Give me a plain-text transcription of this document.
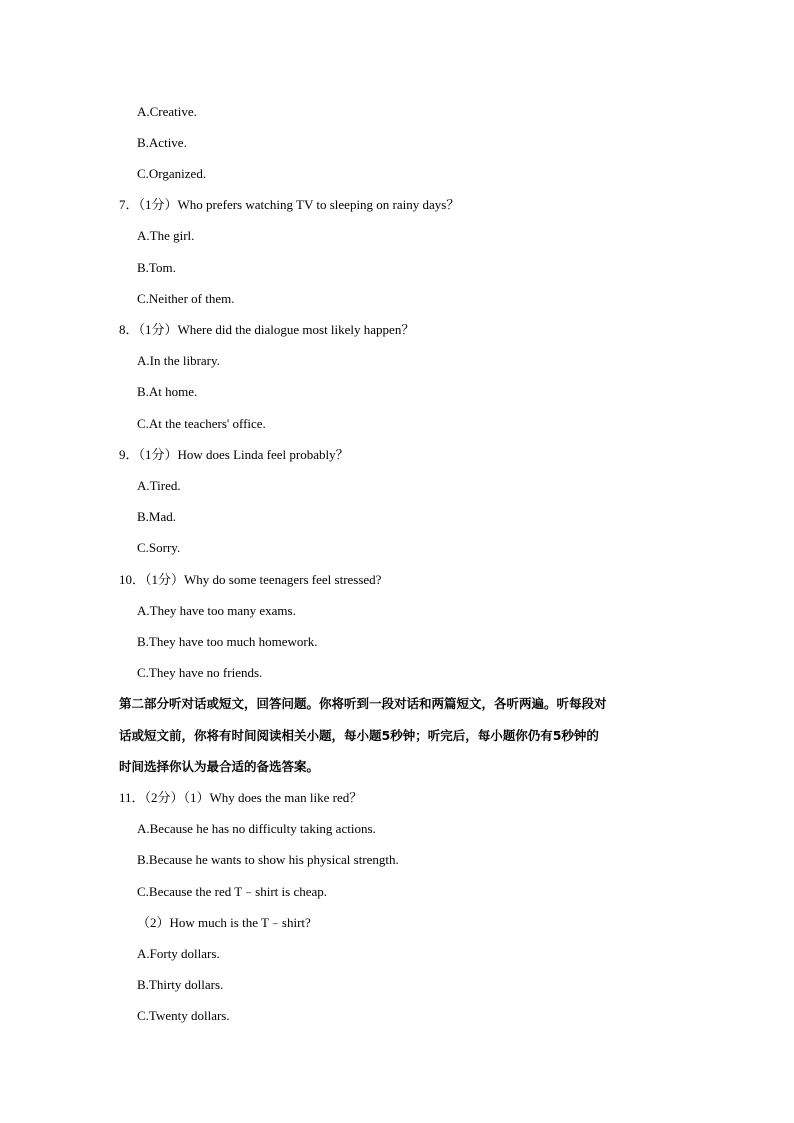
A.Creative.
B.Active.
C.Organized.
7．（1分）Who prefers watching TV to sleeping on rainy days？
A.The girl.
B.Tom.
C.Neither of them.
8．（1分）Where did the dialogue most likely happen？
A.In the library.
B.At home.
C.At the teachers' office.
9．（1分）How does Linda feel probably？
A.Tired.
B.Mad.
C.Sorry.
10．（1分）Why do some teenagers feel stressed?
A.They have too many exams.
B.They have too much homework.
C.They have no friends.
第二部分听对话或短文，回答问题。你将听到一段对话和两篇短文，各听两遍。听每段对
话或短文前，你将有时间阅读相关小题，每小题5秒钟；听完后，每小题你仍有5秒钟的
时间选择你认为最合适的备选答案。
11．（2分）（1）Why does the man like red？
A.Because he has no difficulty taking actions.
B.Because he wants to show his physical strength.
C.Because the red T﹣shirt is cheap.
（2）How much is the T﹣shirt?
A.Forty dollars.
B.Thirty dollars.
C.Twenty dollars.
